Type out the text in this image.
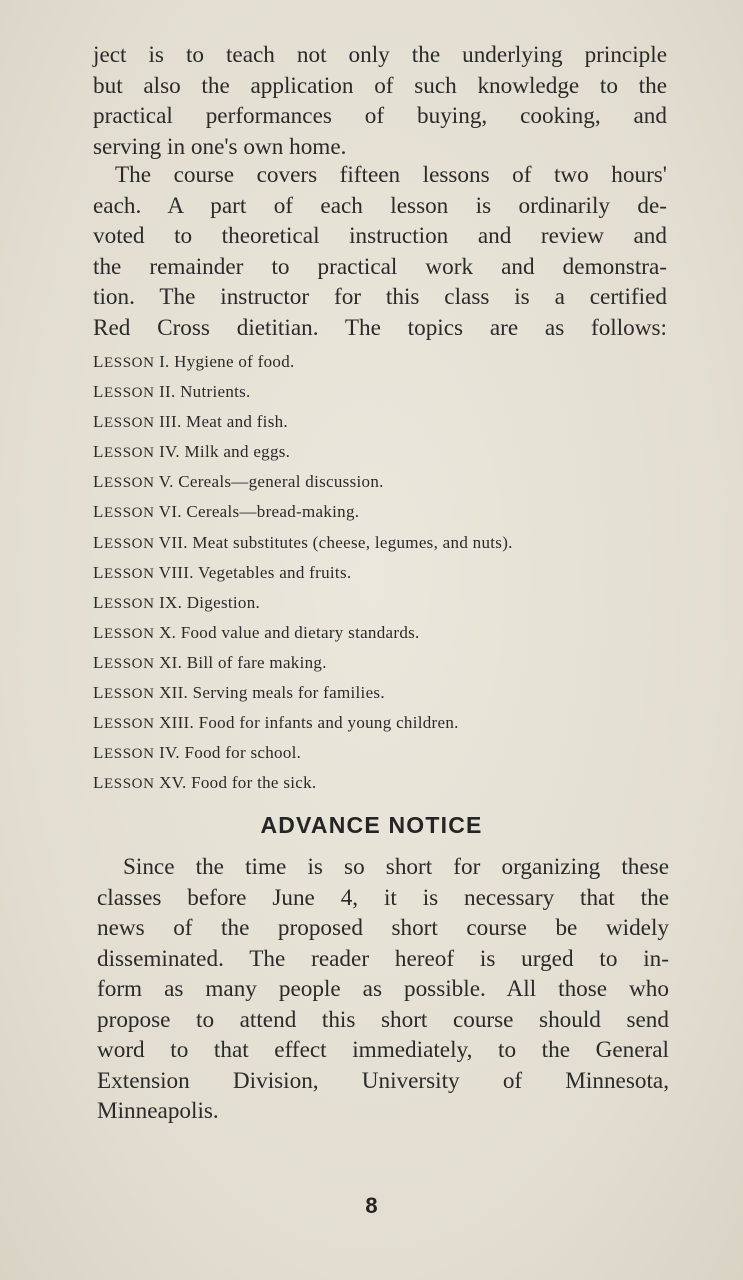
ject is to teach not only the underlying principle
but also the application of such knowledge to the
practical performances of buying, cooking, and
serving in one's own home.
The course covers fifteen lessons of two hours'
each. A part of each lesson is ordinarily de-
voted to theoretical instruction and review and
the remainder to practical work and demonstra-
tion. The instructor for this class is a certified
Red Cross dietitian. The topics are as follows:
LESSON I. Hygiene of food.
LESSON II. Nutrients.
LESSON III. Meat and fish.
LESSON IV. Milk and eggs.
LESSON V. Cereals—general discussion.
LESSON VI. Cereals—bread-making.
LESSON VII. Meat substitutes (cheese, legumes, and nuts).
LESSON VIII. Vegetables and fruits.
LESSON IX. Digestion.
LESSON X. Food value and dietary standards.
LESSON XI. Bill of fare making.
LESSON XII. Serving meals for families.
LESSON XIII. Food for infants and young children.
LESSON IV. Food for school.
LESSON XV. Food for the sick.
ADVANCE NOTICE
Since the time is so short for organizing these
classes before June 4, it is necessary that the
news of the proposed short course be widely
disseminated. The reader hereof is urged to in-
form as many people as possible. All those who
propose to attend this short course should send
word to that effect immediately, to the General
Extension Division, University of Minnesota,
Minneapolis.
8
